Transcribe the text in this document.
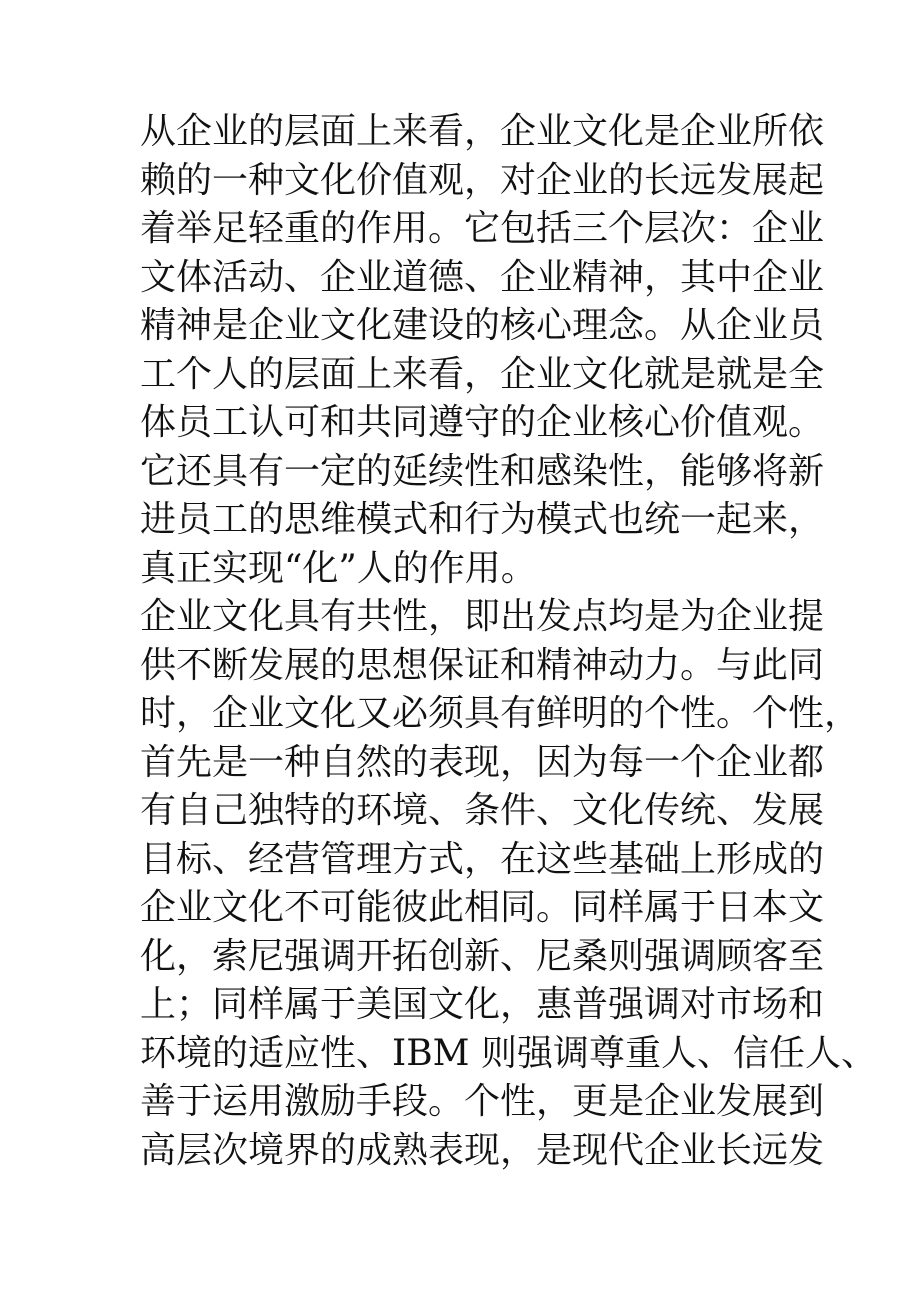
从企业的层面上来看，企业文化是企业所依
赖的一种文化价值观，对企业的长远发展起
着举足轻重的作用。它包括三个层次：企业
文体活动、企业道德、企业精神，其中企业
精神是企业文化建设的核心理念。从企业员
工个人的层面上来看，企业文化就是就是全
体员工认可和共同遵守的企业核心价值观。
它还具有一定的延续性和感染性，能够将新
进员工的思维模式和行为模式也统一起来，
真正实现“化”人的作用。
企业文化具有共性，即出发点均是为企业提
供不断发展的思想保证和精神动力。与此同
时，企业文化又必须具有鲜明的个性。个性，
首先是一种自然的表现，因为每一个企业都
有自己独特的环境、条件、文化传统、发展
目标、经营管理方式，在这些基础上形成的
企业文化不可能彼此相同。同样属于日本文
化，索尼强调开拓创新、尼桑则强调顾客至
上；同样属于美国文化，惠普强调对市场和
环境的适应性、IBM 则强调尊重人、信任人、
善于运用激励手段。个性，更是企业发展到
高层次境界的成熟表现，是现代企业长远发
